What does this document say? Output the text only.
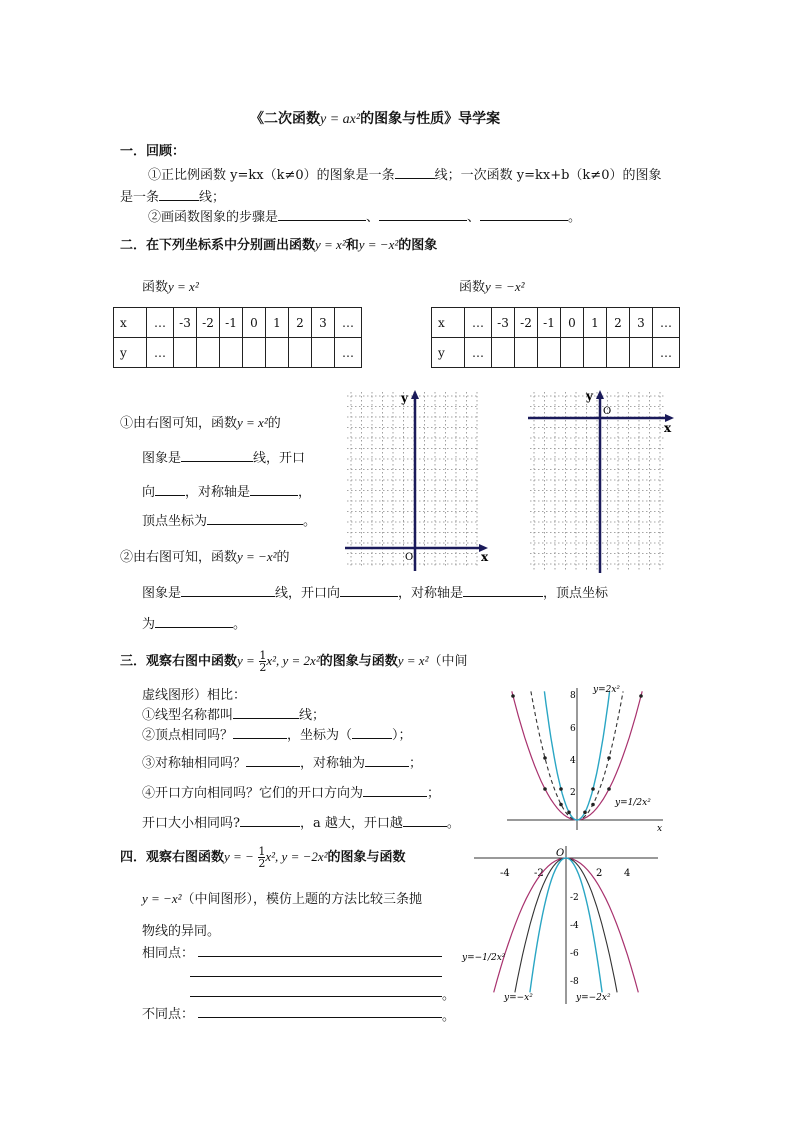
《二次函数y = ax²的图象与性质》导学案
一．回顾：
①正比例函数 y=kx（k≠0）的图象是一条	线；一次函数 y=kx+b（k≠0）的图象
是一条	线；
②画函数图象的步骤是	、	、	。
二．在下列坐标系中分别画出函数y = x²和y = −x²的图象
函数y = x²	函数y = −x²
x	…	-3	-2	-1	0	1	2	3	…
y	…								…
x	…	-3	-2	-1	0	1	2	3	…
y	…								…
①由右图可知，函数y = x²的
图象是	线，开口
向 ，对称轴是	，
顶点坐标为	。
②由右图可知，函数y = −x²的
图象是	线，开口向	，对称轴是	，顶点坐标
为	。
x
y
O
x
y
O
三．观察右图中函数$y = \frac{1}{2} x^2$, y = 2x²的图象与函数y = x²（中间
虚线图形）相比：
①线型名称都叫	线；
②顶点相同吗？	，坐标为（	）；
③对称轴相同吗？	，对称轴为	；
④开口方向相同吗？它们的开口方向为	；
开口大小相同吗?	，a 越大，开口越	。	x
8
6
4
2
y=2x²
y=1/2x²
四．观察右图函数y = − $\frac{1}{2} x^2$, y = −2x²的图象与函数
y = −x²（中间图形），模仿上题的方法比较三条抛
物线的异同。
相同点：
。
不同点：	。
O
-4 -2	2 4
-2
-4
-6
-8
y=−1/2x²
y=−x²	y=−2x²
